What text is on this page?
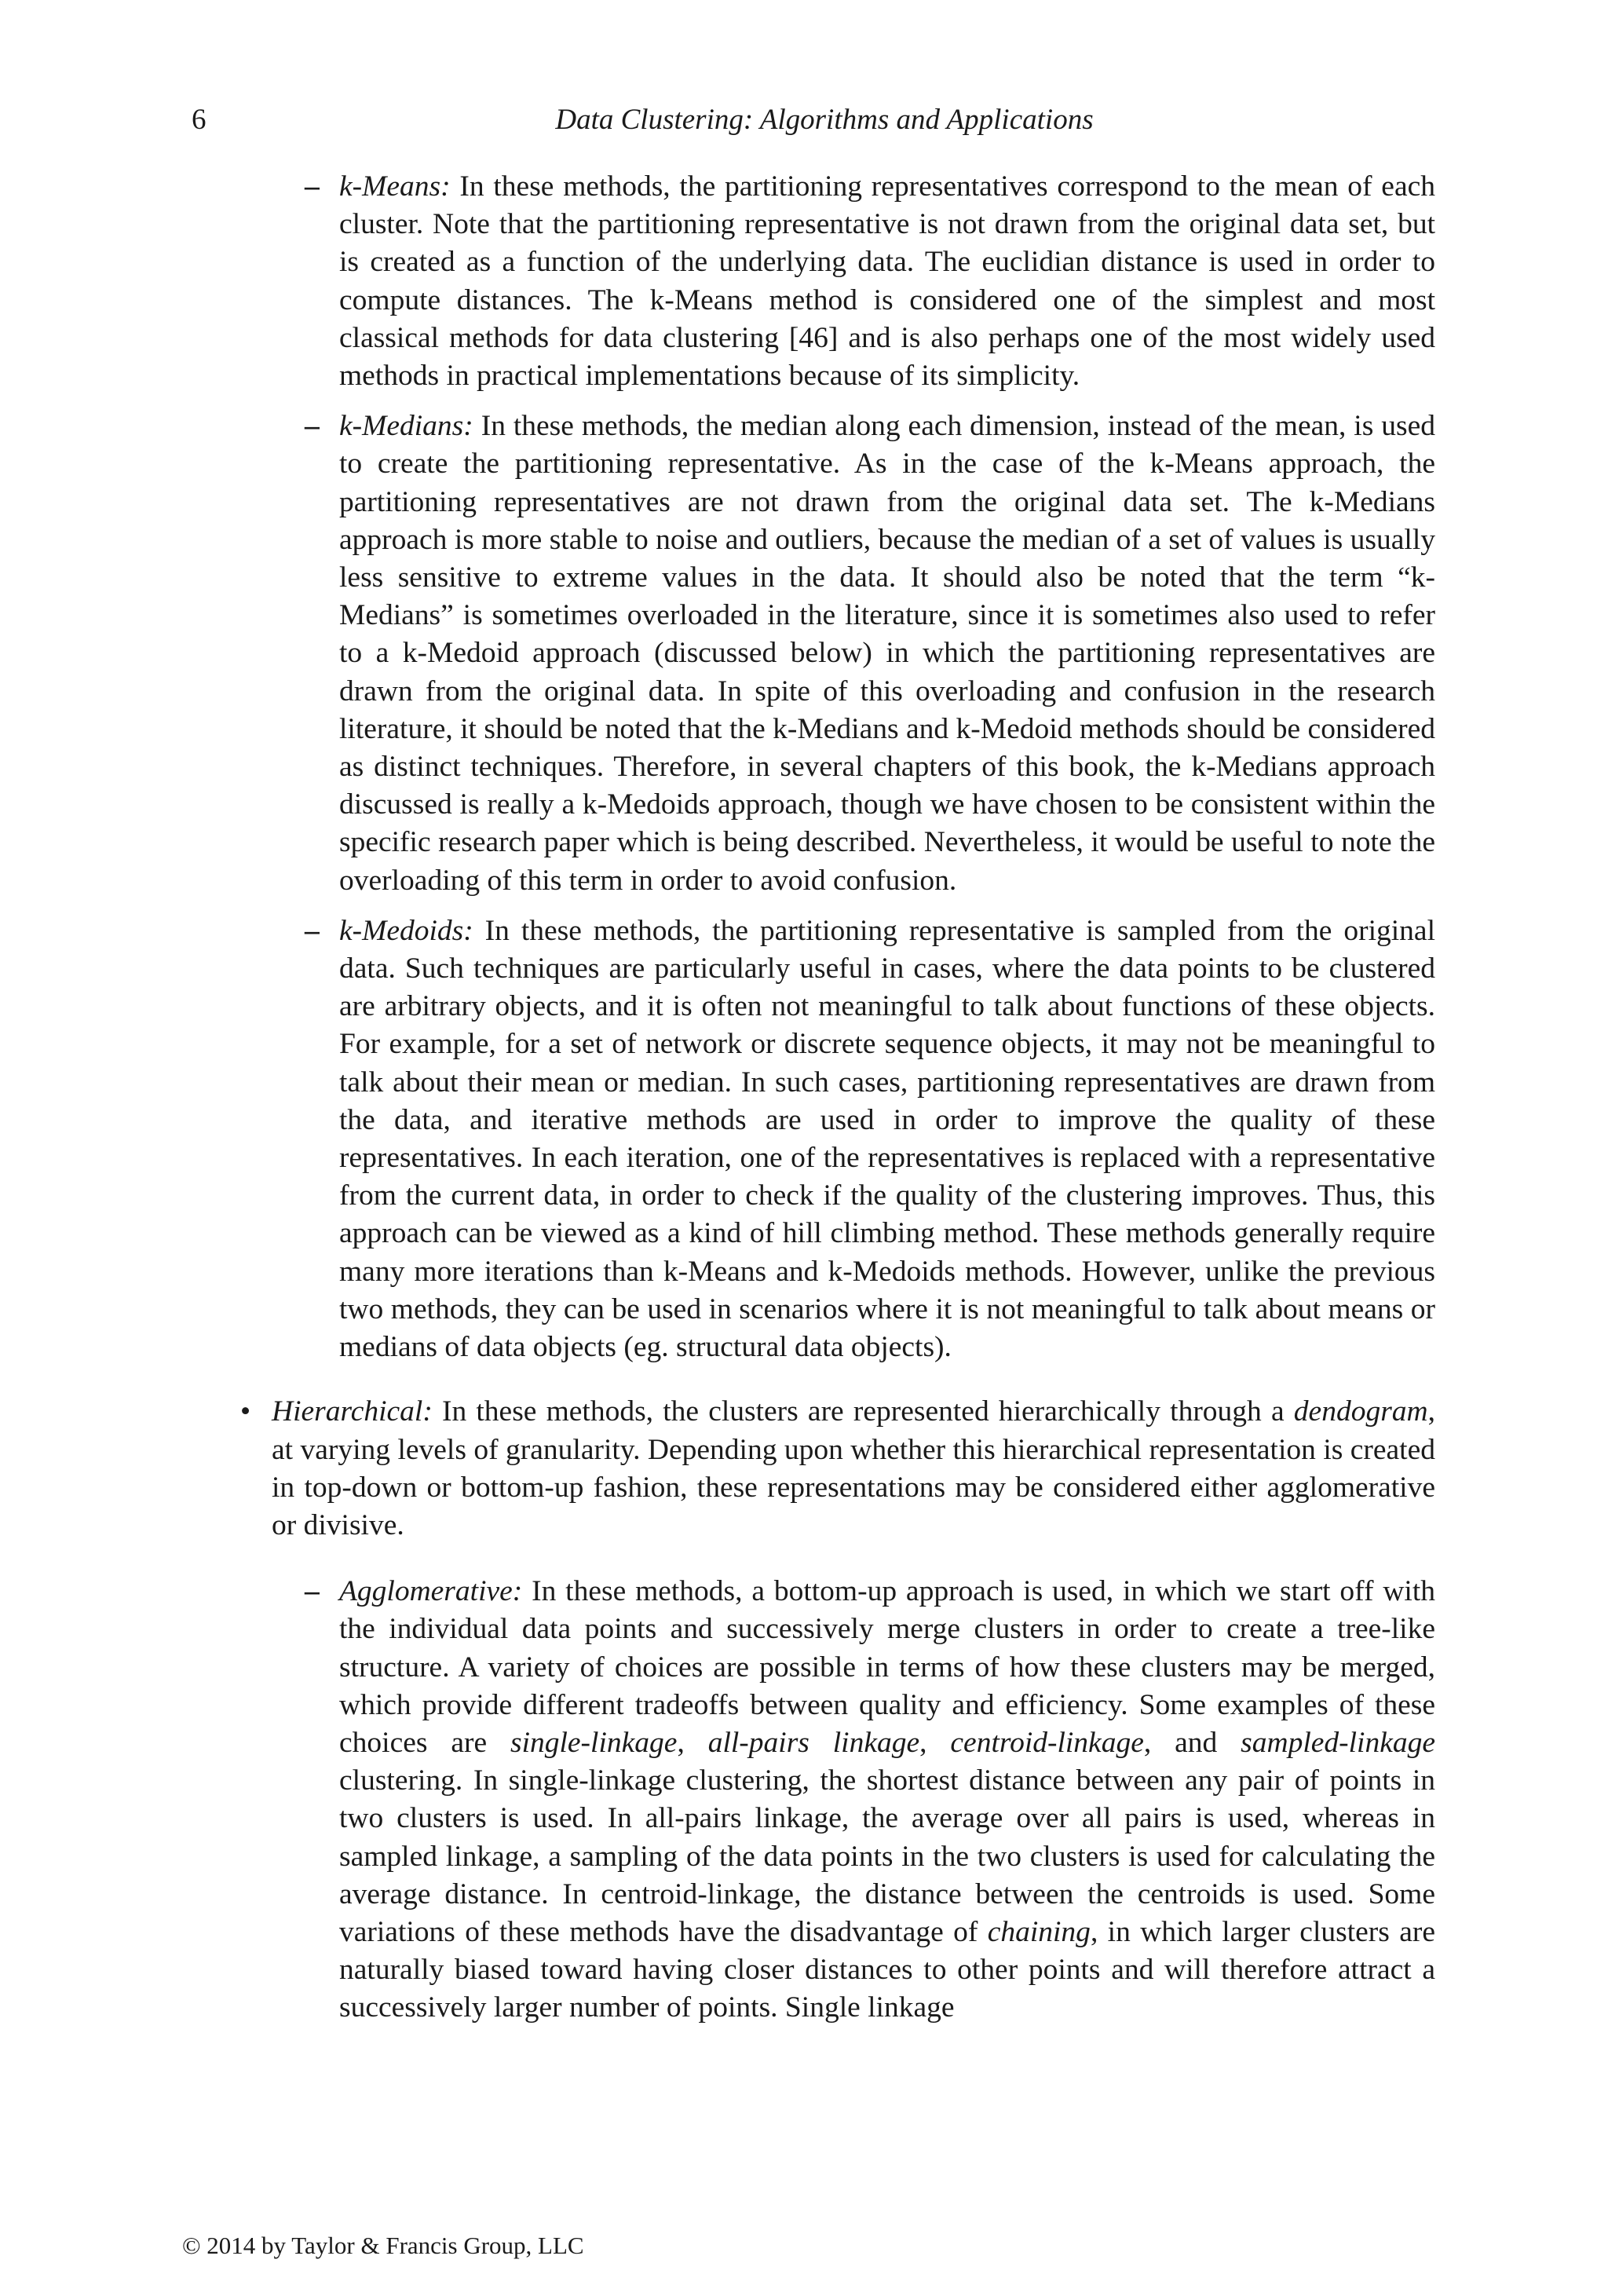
6	Data Clustering: Algorithms and Applications

– k-Means: In these methods, the partitioning representatives correspond to the mean of each cluster. Note that the partitioning representative is not drawn from the original data set, but is created as a function of the underlying data. The euclidian distance is used in order to compute distances. The k-Means method is considered one of the simplest and most classical methods for data clustering [46] and is also perhaps one of the most widely used methods in practical implementations because of its simplicity.

– k-Medians: In these methods, the median along each dimension, instead of the mean, is used to create the partitioning representative. As in the case of the k-Means approach, the partitioning representatives are not drawn from the original data set. The k-Medians approach is more stable to noise and outliers, because the median of a set of values is usually less sensitive to extreme values in the data. It should also be noted that the term “k-Medians” is sometimes overloaded in the literature, since it is sometimes also used to refer to a k-Medoid approach (discussed below) in which the partitioning representatives are drawn from the original data. In spite of this overloading and confusion in the research literature, it should be noted that the k-Medians and k-Medoid methods should be considered as distinct techniques. Therefore, in several chapters of this book, the k-Medians approach discussed is really a k-Medoids approach, though we have chosen to be consistent within the specific research paper which is being described. Nevertheless, it would be useful to note the overloading of this term in order to avoid confusion.

– k-Medoids: In these methods, the partitioning representative is sampled from the original data. Such techniques are particularly useful in cases, where the data points to be clustered are arbitrary objects, and it is often not meaningful to talk about functions of these objects. For example, for a set of network or discrete sequence objects, it may not be meaningful to talk about their mean or median. In such cases, partitioning representatives are drawn from the data, and iterative methods are used in order to improve the quality of these representatives. In each iteration, one of the representatives is replaced with a representative from the current data, in order to check if the quality of the clustering improves. Thus, this approach can be viewed as a kind of hill climbing method. These methods generally require many more iterations than k-Means and k-Medoids methods. However, unlike the previous two methods, they can be used in scenarios where it is not meaningful to talk about means or medians of data objects (eg. structural data objects).

• Hierarchical: In these methods, the clusters are represented hierarchically through a dendogram, at varying levels of granularity. Depending upon whether this hierarchical representation is created in top-down or bottom-up fashion, these representations may be considered either agglomerative or divisive.

– Agglomerative: In these methods, a bottom-up approach is used, in which we start off with the individual data points and successively merge clusters in order to create a tree-like structure. A variety of choices are possible in terms of how these clusters may be merged, which provide different tradeoffs between quality and efficiency. Some examples of these choices are single-linkage, all-pairs linkage, centroid-linkage, and sampled-linkage clustering. In single-linkage clustering, the shortest distance between any pair of points in two clusters is used. In all-pairs linkage, the average over all pairs is used, whereas in sampled linkage, a sampling of the data points in the two clusters is used for calculating the average distance. In centroid-linkage, the distance between the centroids is used. Some variations of these methods have the disadvantage of chaining, in which larger clusters are naturally biased toward having closer distances to other points and will therefore attract a successively larger number of points. Single linkage

© 2014 by Taylor & Francis Group, LLC
